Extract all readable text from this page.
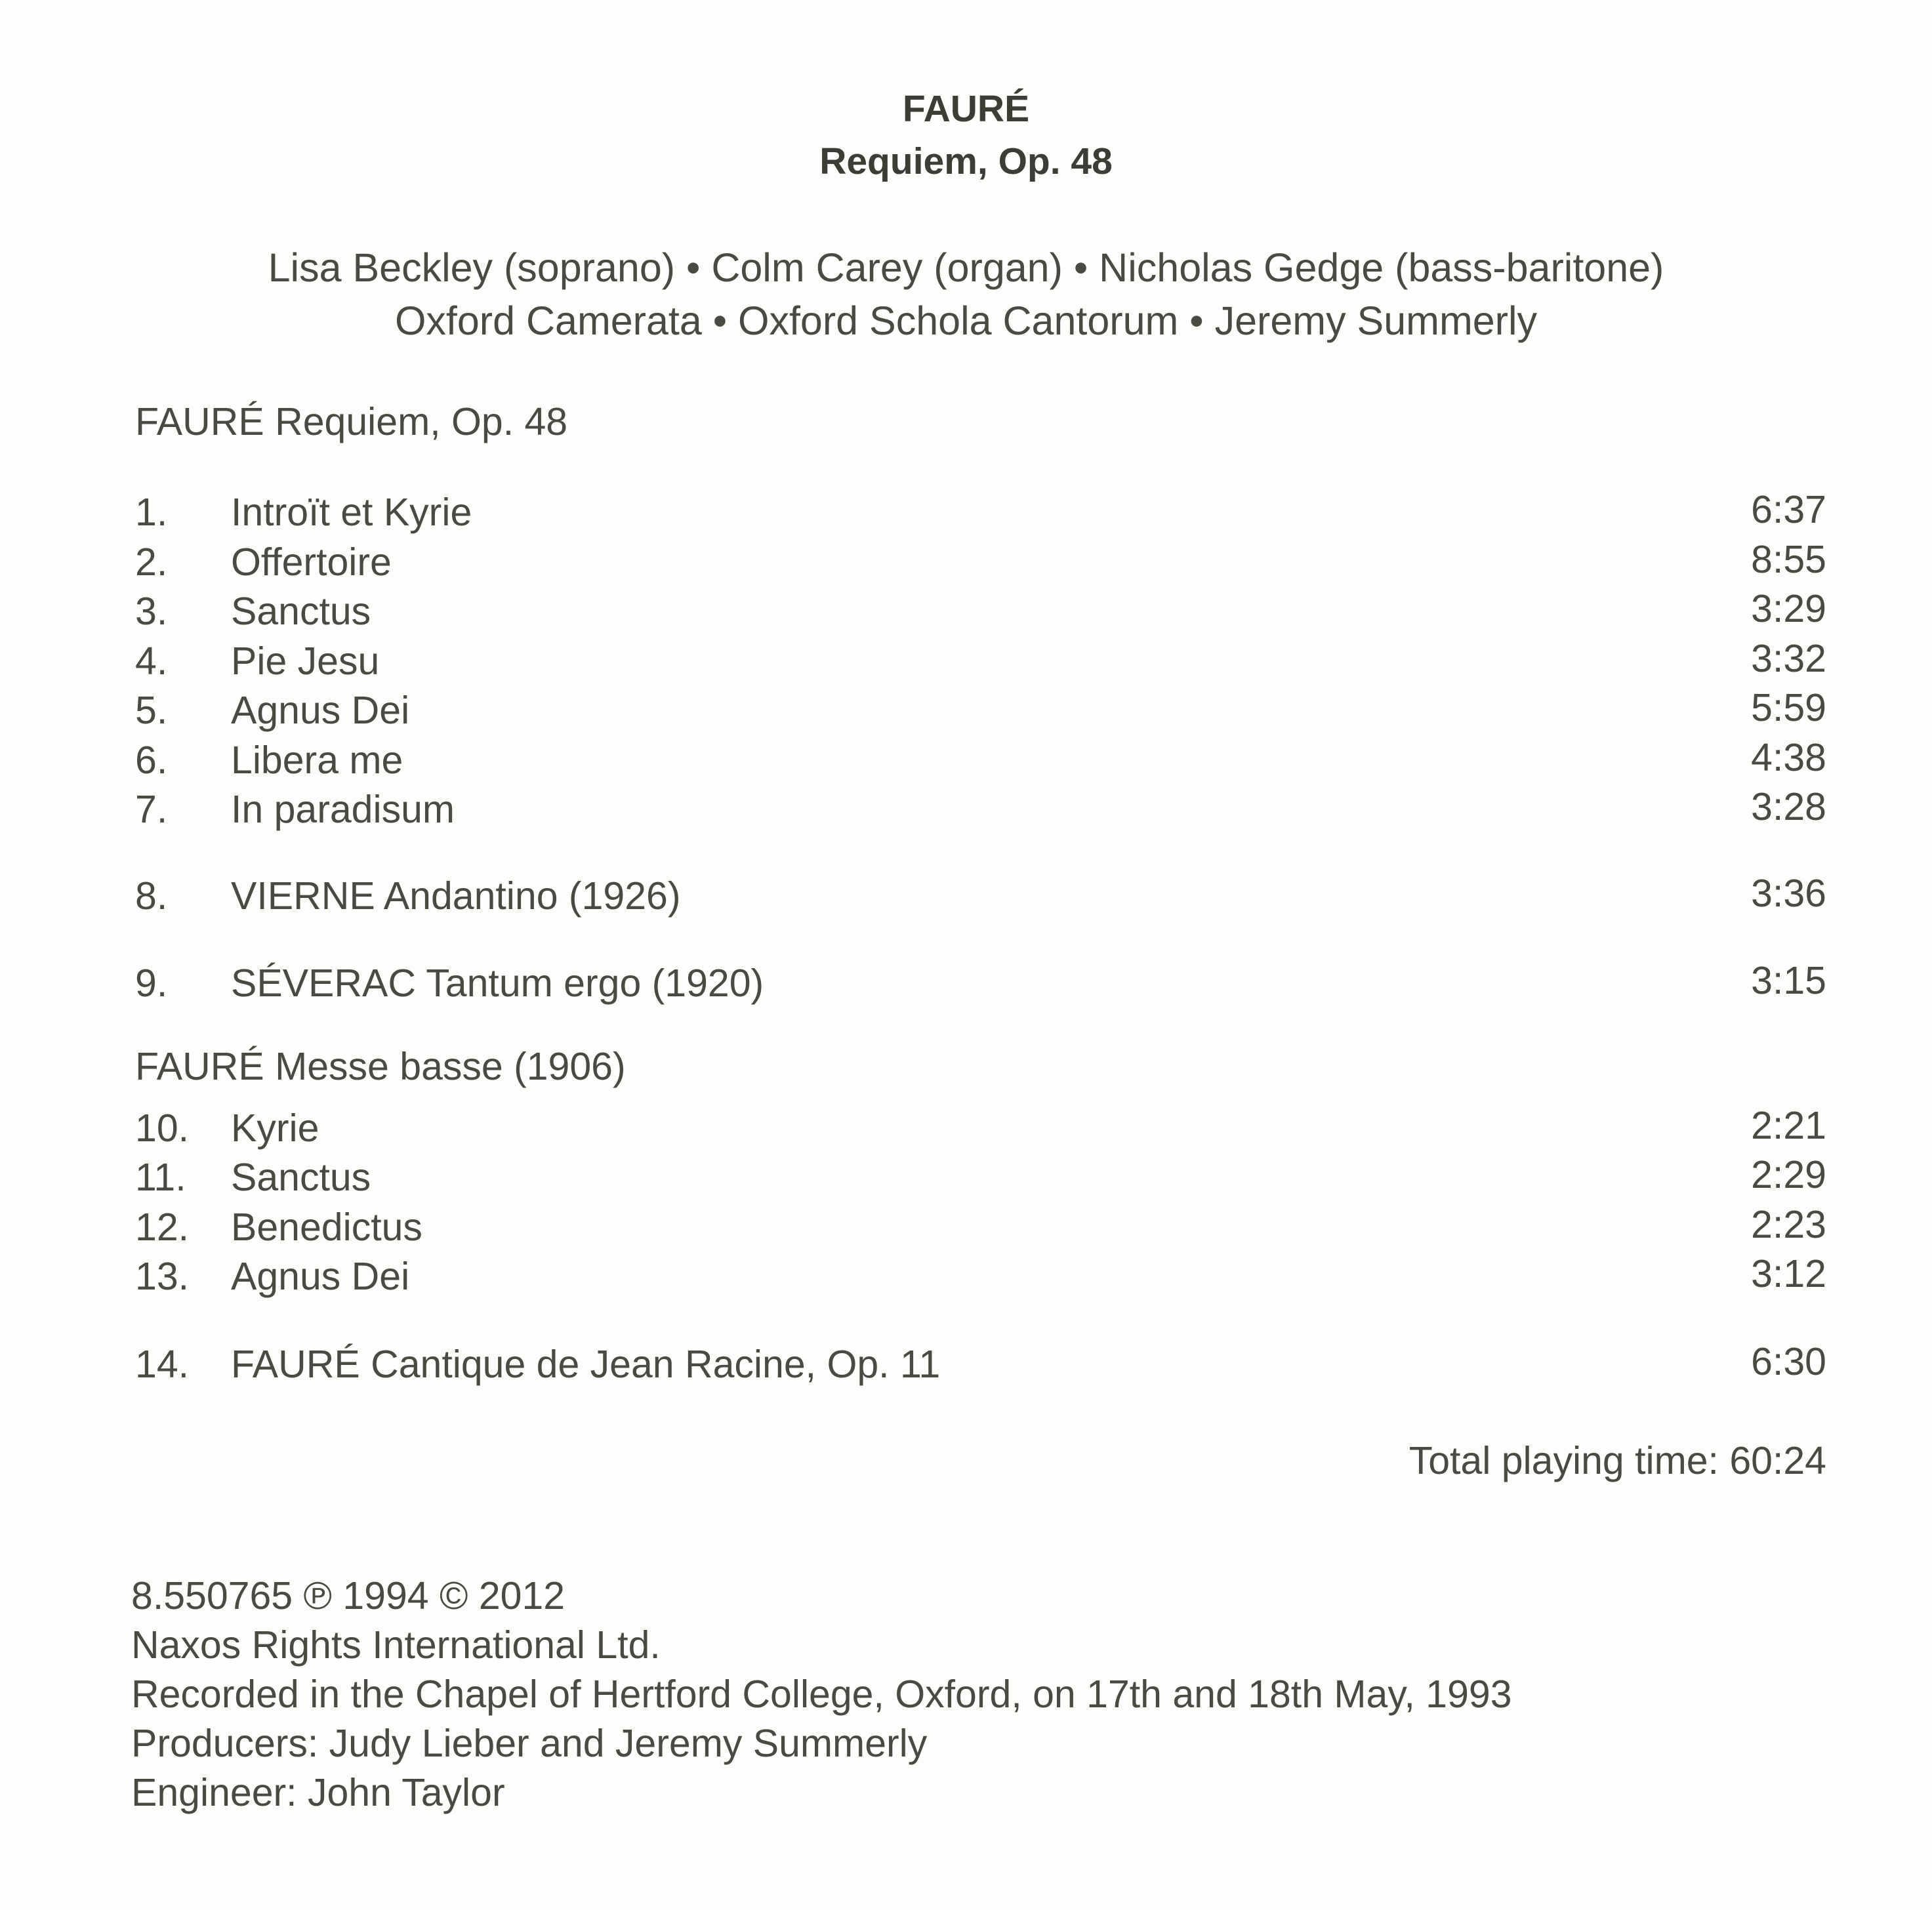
FAURÉ
Requiem, Op. 48
Lisa Beckley (soprano) • Colm Carey (organ) • Nicholas Gedge (bass-baritone)
Oxford Camerata • Oxford Schola Cantorum • Jeremy Summerly
FAURÉ Requiem, Op. 48
1. Introït et Kyrie	6:37
2. Offertoire	8:55
3. Sanctus	3:29
4. Pie Jesu	3:32
5. Agnus Dei	5:59
6. Libera me	4:38
7. In paradisum	3:28
8. VIERNE Andantino (1926)	3:36
9. SÉVERAC Tantum ergo (1920)	3:15
FAURÉ Messe basse (1906)
10. Kyrie	2:21
11. Sanctus	2:29
12. Benedictus	2:23
13. Agnus Dei	3:12
14. FAURÉ Cantique de Jean Racine, Op. 11	6:30
Total playing time: 60:24
8.550765 ℗ 1994 © 2012
Naxos Rights International Ltd.
Recorded in the Chapel of Hertford College, Oxford, on 17th and 18th May, 1993
Producers: Judy Lieber and Jeremy Summerly
Engineer: John Taylor
